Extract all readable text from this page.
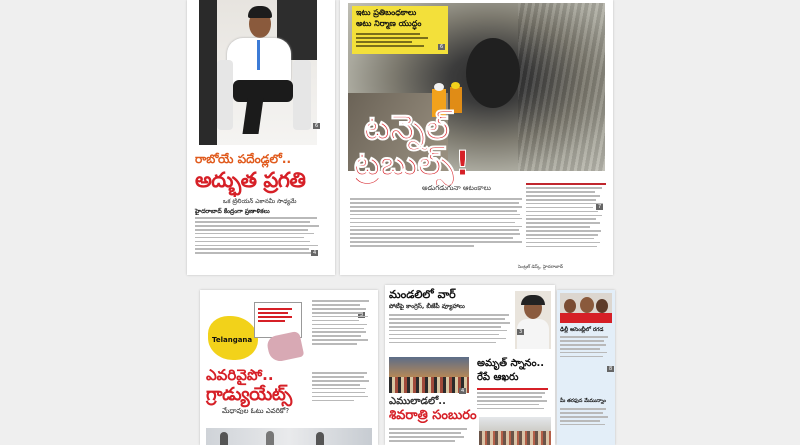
6
రాబోయే పదేండ్లలో..
అద్భుత ప్రగతి
ఒక ట్రిలియన్ ఎకానమీ సాధ్యమే
హైదరాబాద్ కేంద్రంగా ప్రణాళికలు
4
ఇటు ప్రతిబంధకాలు
అటు నిర్మాణ యుద్ధం
6
టన్నెల్
ట్రబుల్స్!
అడుగడుగునా ఆటంకాలు
7
సెంట్రల్ డెస్క్, హైదరాబాద్
Telangana
ఎవరివైపో..
గ్రాడ్యుయేట్స్
మేధావుల ఓటు ఎవరికో?
మండలిలో వార్
పోటీపై కాంగ్రెస్, బీజేపీ వ్యూహాలు
3
4
ఎములాడలో..
శివరాత్రి సంబురం
అమృత్ స్నానం..
రేపే ఆఖరు
ఢిల్లీ అసెంబ్లీలో రగడ
8
మీ తరఫున మేమున్నాం
